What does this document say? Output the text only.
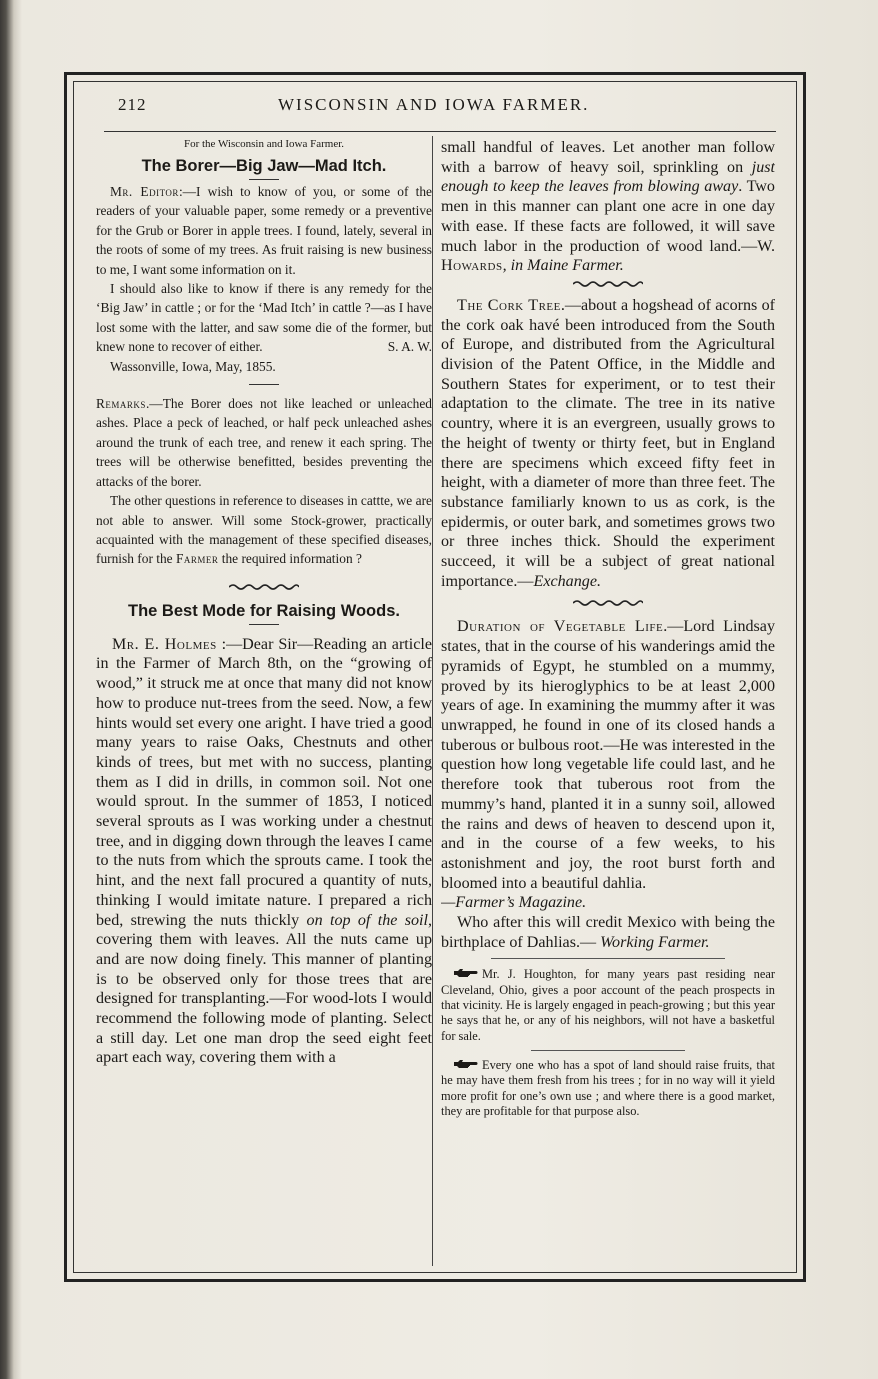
212	WISCONSIN AND IOWA FARMER.
For the Wisconsin and Iowa Farmer.
The Borer—Big Jaw—Mad Itch.

Mr. Editor:—I wish to know of you, or some of the readers of your valuable paper, some remedy or a preventive for the Grub or Borer in apple trees. I found, lately, several in the roots of some of my trees. As fruit raising is new business to me, I want some information on it.

I should also like to know if there is any remedy for the ‘Big Jaw’ in cattle ; or for the ‘Mad Itch’ in cattle ?—as I have lost some with the latter, and saw some die of the former, but knew none to recover of either.	S. A. W.

Wassonville, Iowa, May, 1855.

Remarks.—The Borer does not like leached or unleached ashes. Place a peck of leached, or half peck unleached ashes around the trunk of each tree, and renew it each spring. The trees will be otherwise benefitted, besides preventing the attacks of the borer.

The other questions in reference to diseases in cattte, we are not able to answer. Will some Stock-grower, practically acquainted with the management of these specified diseases, furnish for the Farmer the required information ?

The Best Mode for Raising Woods.

Mr. E. Holmes :—Dear Sir—Reading an article in the Farmer of March 8th, on the “growing of wood,” it struck me at once that many did not know how to produce nut-trees from the seed. Now, a few hints would set every one aright. I have tried a good many years to raise Oaks, Chestnuts and other kinds of trees, but met with no success, planting them as I did in drills, in common soil. Not one would sprout. In the summer of 1853, I noticed several sprouts as I was working under a chestnut tree, and in digging down through the leaves I came to the nuts from which the sprouts came. I took the hint, and the next fall procured a quantity of nuts, thinking I would imitate nature. I prepared a rich bed, strewing the nuts thickly on top of the soil, covering them with leaves. All the nuts came up and are now doing finely. This manner of planting is to be observed only for those trees that are designed for transplanting.—For wood-lots I would recommend the following mode of planting. Select a still day. Let one man drop the seed eight feet apart each way, covering them with a

small handful of leaves. Let another man follow with a barrow of heavy soil, sprinkling on just enough to keep the leaves from blowing away. Two men in this manner can plant one acre in one day with ease. If these facts are followed, it will save much labor in the production of wood land.—W. Howards, in Maine Farmer.

The Cork Tree.—about a hogshead of acorns of the cork oak havé been introduced from the South of Europe, and distributed from the Agricultural division of the Patent Office, in the Middle and Southern States for experiment, or to test their adaptation to the climate. The tree in its native country, where it is an evergreen, usually grows to the height of twenty or thirty feet, but in England there are specimens which exceed fifty feet in height, with a diameter of more than three feet. The substance familiarly known to us as cork, is the epidermis, or outer bark, and sometimes grows two or three inches thick. Should the experiment succeed, it will be a subject of great national importance.—Exchange.

Duration of Vegetable Life.—Lord Lindsay states, that in the course of his wanderings amid the pyramids of Egypt, he stumbled on a mummy, proved by its hieroglyphics to be at least 2,000 years of age. In examining the mummy after it was unwrapped, he found in one of its closed hands a tuberous or bulbous root.—He was interested in the question how long vegetable life could last, and he therefore took that tuberous root from the mummy’s hand, planted it in a sunny soil, allowed the rains and dews of heaven to descend upon it, and in the course of a few weeks, to his astonishment and joy, the root burst forth and bloomed into a beautiful dahlia.
—Farmer’s Magazine.

Who after this will credit Mexico with being the birthplace of Dahlias.— Working Farmer.

Mr. J. Houghton, for many years past residing near Cleveland, Ohio, gives a poor account of the peach prospects in that vicinity. He is largely engaged in peach-growing ; but this year he says that he, or any of his neighbors, will not have a basketful for sale.

Every one who has a spot of land should raise fruits, that he may have them fresh from his trees ; for in no way will it yield more profit for one’s own use ; and where there is a good market, they are profitable for that purpose also.
